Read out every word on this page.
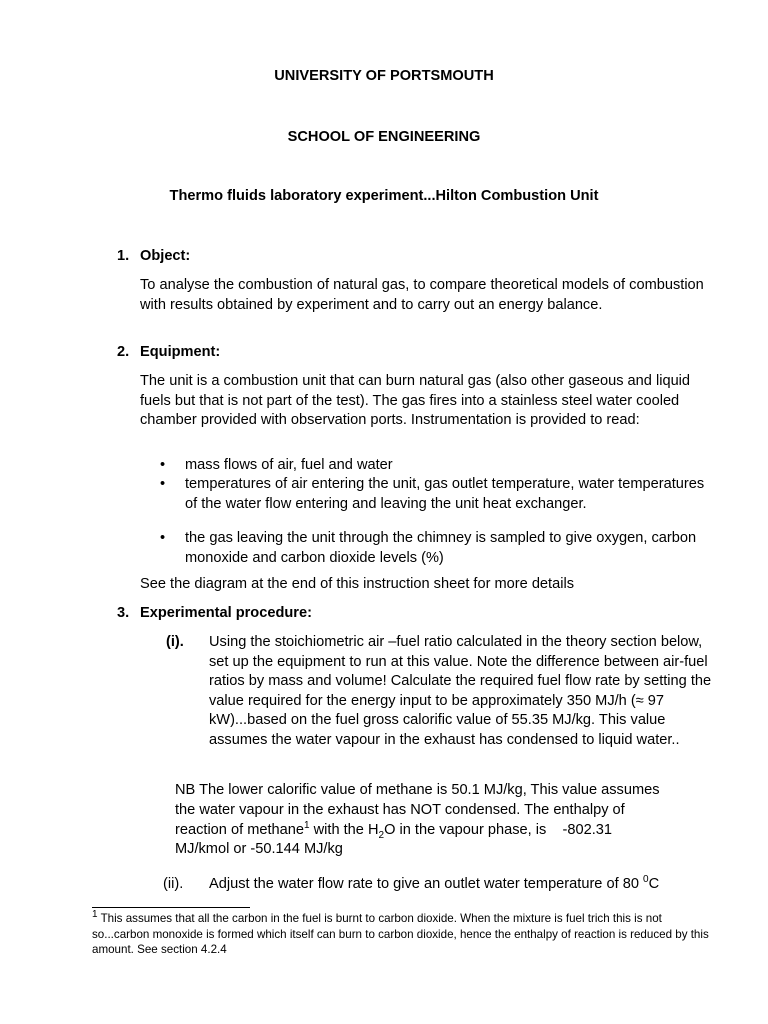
UNIVERSITY OF PORTSMOUTH
SCHOOL OF ENGINEERING
Thermo fluids laboratory experiment...Hilton Combustion Unit
1. Object:
To analyse the combustion of natural gas, to compare theoretical models of combustion with results obtained by experiment and to carry out an energy balance.
2. Equipment:
The unit is a combustion unit that can burn natural gas (also other gaseous and liquid fuels but that is not part of the test). The gas fires into a stainless steel water cooled chamber provided with observation ports. Instrumentation is provided to read:
• mass flows of air, fuel and water
• temperatures of air entering the unit, gas outlet temperature, water temperatures of the water flow entering and leaving the unit heat exchanger.
• the gas leaving the unit through the chimney is sampled to give oxygen, carbon monoxide and carbon dioxide levels (%)
See the diagram at the end of this instruction sheet for more details
3. Experimental procedure:
(i). Using the stoichiometric air –fuel ratio calculated in the theory section below, set up the equipment to run at this value. Note the difference between air-fuel ratios by mass and volume! Calculate the required fuel flow rate by setting the value required for the energy input to be approximately 350 MJ/h (≈ 97 kW)...based on the fuel gross calorific value of 55.35 MJ/kg. This value assumes the water vapour in the exhaust has condensed to liquid water..
NB The lower calorific value of methane is 50.1 MJ/kg, This value assumes
the water vapour in the exhaust has NOT condensed. The enthalpy of
reaction of methane$^1$ with the $H_2O$ in the vapour phase, is    -802.31
MJ/kmol or -50.144 MJ/kg
(ii). Adjust the water flow rate to give an outlet water temperature of 80 $^0$C
$^1$ This assumes that all the carbon in the fuel is burnt to carbon dioxide. When the mixture is fuel trich this is not so...carbon monoxide is formed which itself can burn to carbon dioxide, hence the enthalpy of reaction is reduced by this amount. See section 4.2.4
